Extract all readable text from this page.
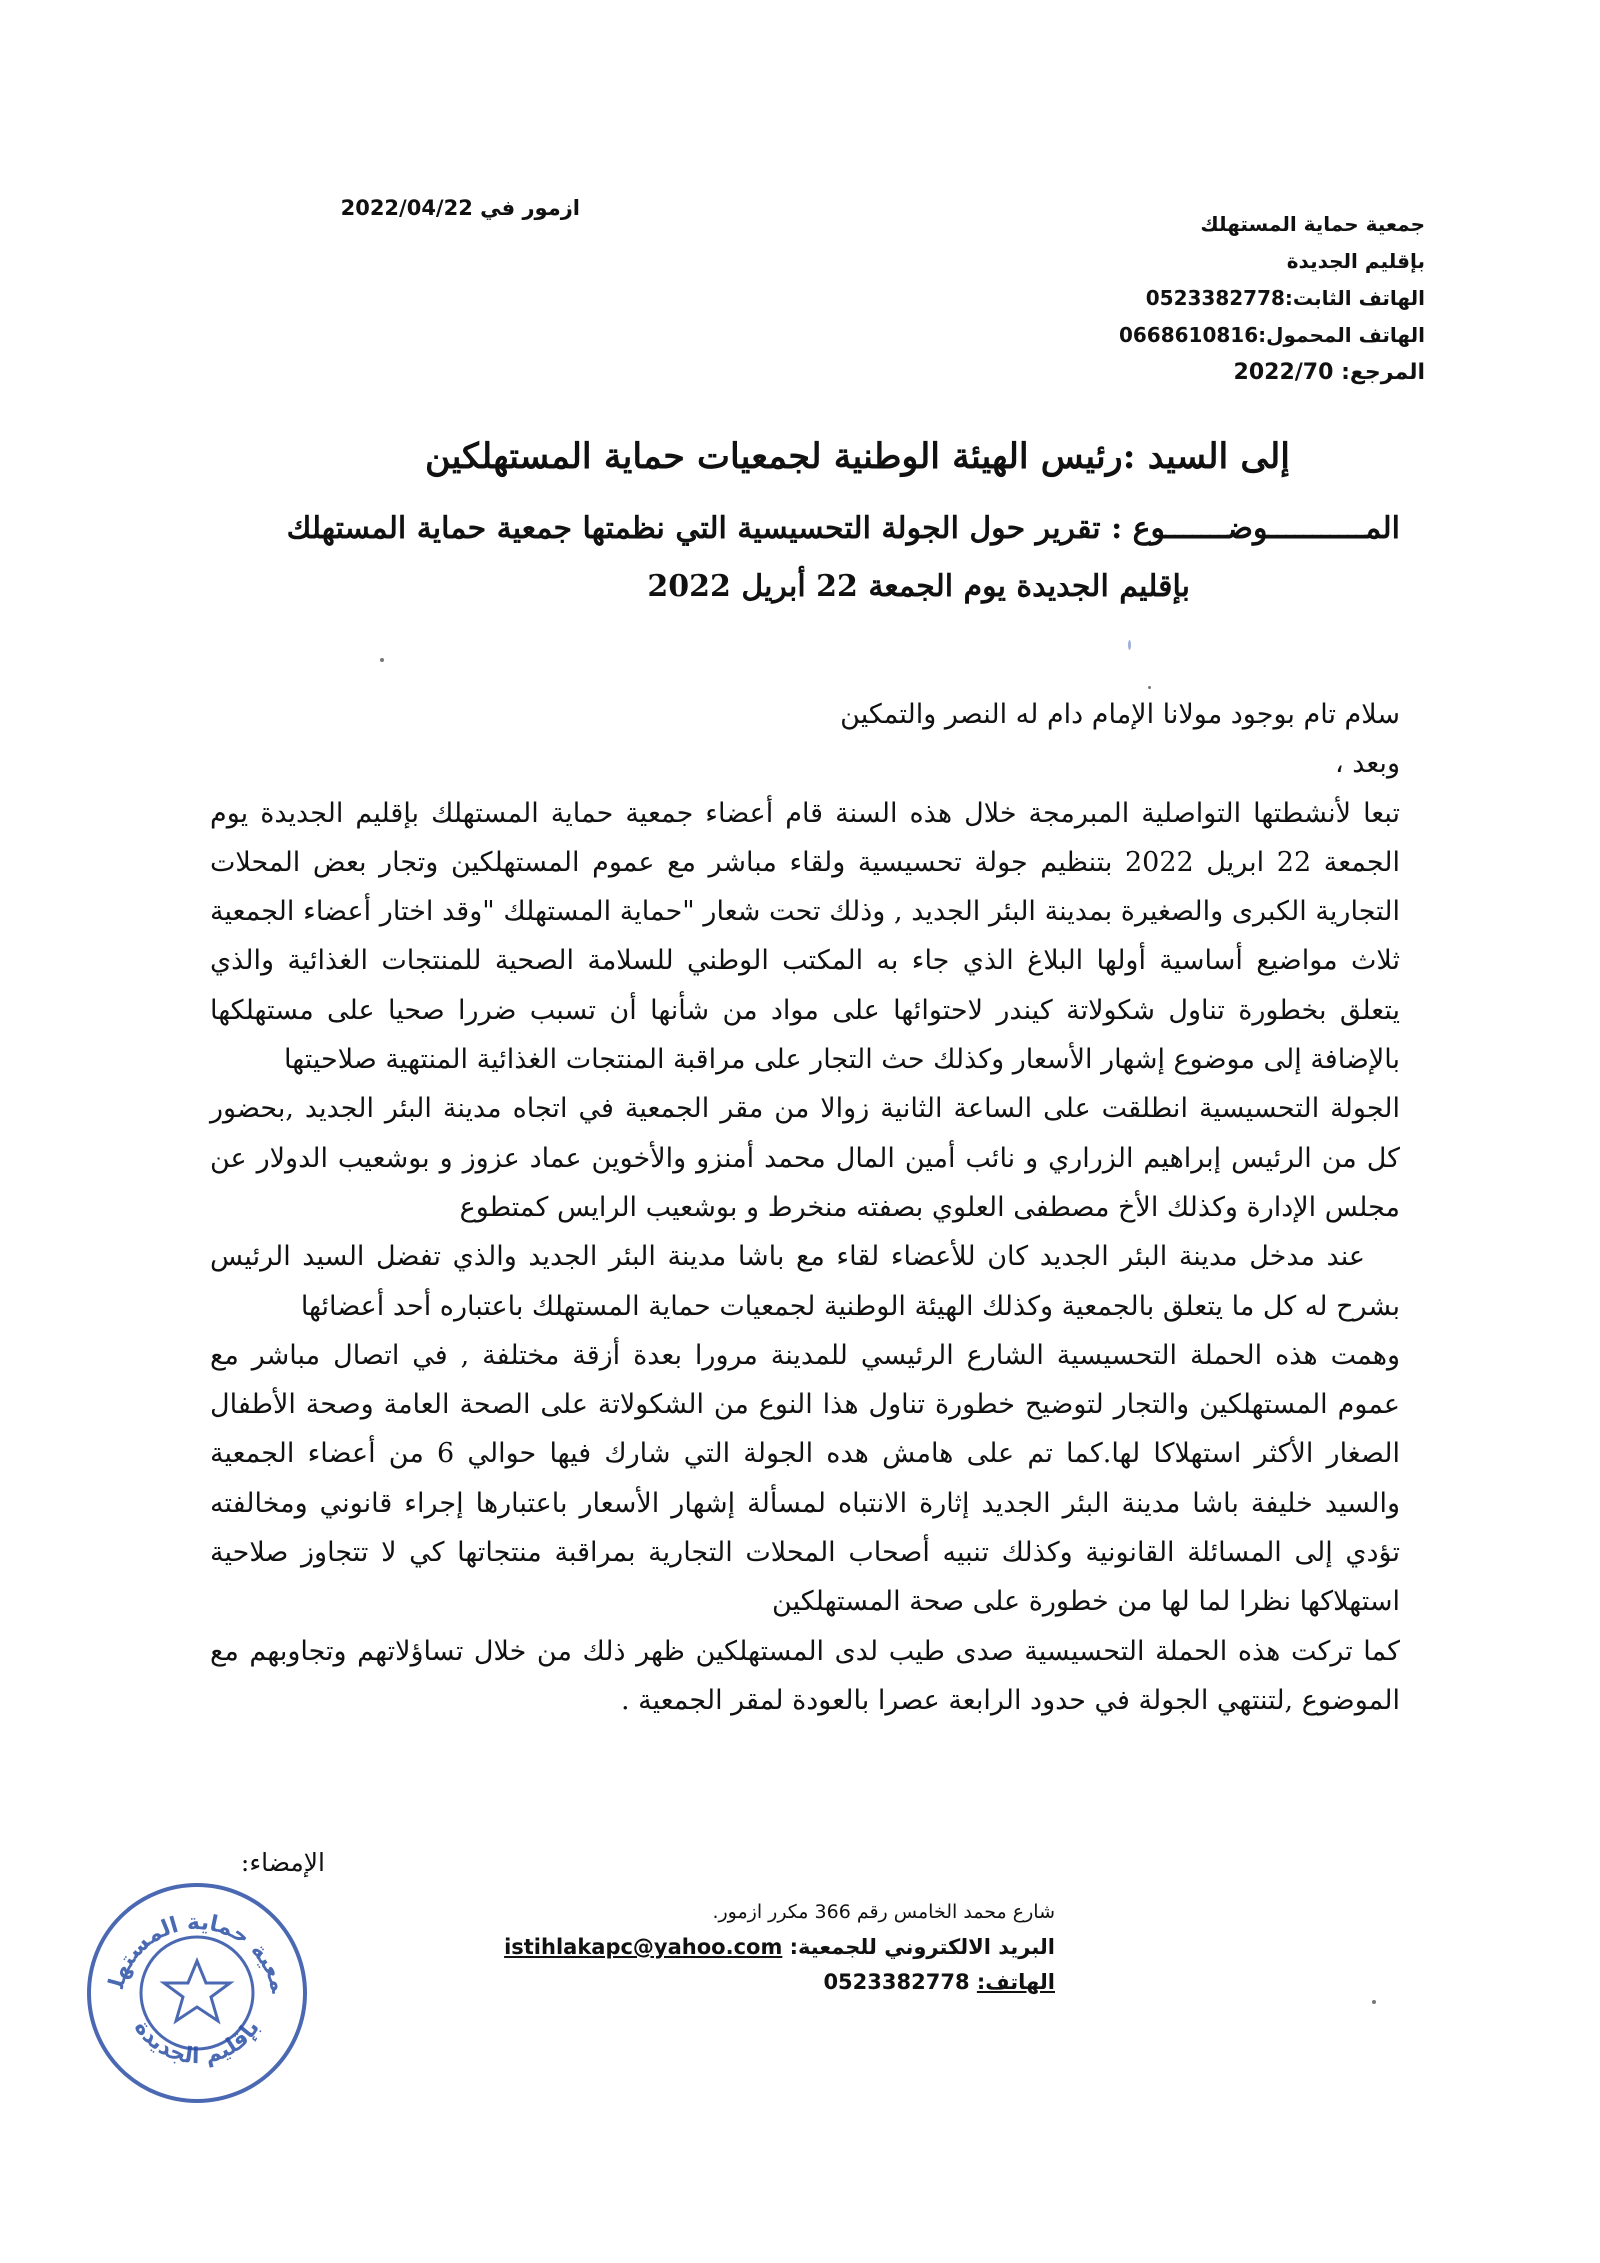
ازمور في 2022/04/22
جمعية حماية المستهلك
بإقليم الجديدة
الهاتف الثابت:0523382778
الهاتف المحمول:0668610816
المرجع: 2022/70
إلى السيد :رئيس الهيئة الوطنية لجمعيات حماية المستهلكين
المـــــــــــوضـــــــوع : تقرير حول الجولة التحسيسية التي نظمتها جمعية حماية المستهلك
بإقليم الجديدة يوم الجمعة 22 أبريل 2022

سلام تام بوجود مولانا الإمام دام له النصر والتمكين

وبعد ،

تبعا لأنشطتها التواصلية المبرمجة خلال هذه السنة قام أعضاء جمعية حماية المستهلك بإقليم الجديدة يوم الجمعة 22 ابريل 2022 بتنظيم جولة تحسيسية ولقاء مباشر مع عموم المستهلكين وتجار بعض المحلات التجارية الكبرى والصغيرة بمدينة البئر الجديد , وذلك تحت شعار "حماية المستهلك "وقد اختار أعضاء الجمعية ثلاث مواضيع أساسية أولها البلاغ الذي جاء به المكتب الوطني للسلامة الصحية للمنتجات الغذائية والذي يتعلق بخطورة تناول شكولاتة كيندر لاحتوائها على مواد من شأنها أن تسبب ضررا صحيا على مستهلكها بالإضافة إلى موضوع إشهار الأسعار وكذلك حث التجار على مراقبة المنتجات الغذائية المنتهية صلاحيتها

الجولة التحسيسية انطلقت على الساعة الثانية زوالا من مقر الجمعية في اتجاه مدينة البئر الجديد ,بحضور كل من الرئيس إبراهيم الزراري و نائب أمين المال محمد أمنزو والأخوين عماد عزوز و بوشعيب الدولار عن مجلس الإدارة وكذلك الأخ مصطفى العلوي بصفته منخرط و بوشعيب الرايس كمتطوع

عند مدخل مدينة البئر الجديد كان للأعضاء لقاء مع باشا مدينة البئر الجديد والذي تفضل السيد الرئيس بشرح له كل ما يتعلق بالجمعية وكذلك الهيئة الوطنية لجمعيات حماية المستهلك باعتباره أحد أعضائها

وهمت هذه الحملة التحسيسية الشارع الرئيسي للمدينة مرورا بعدة أزقة مختلفة , في اتصال مباشر مع عموم المستهلكين والتجار لتوضيح خطورة تناول هذا النوع من الشكولاتة على الصحة العامة وصحة الأطفال الصغار الأكثر استهلاكا لها.كما تم على هامش هده الجولة التي شارك فيها حوالي 6 من أعضاء الجمعية والسيد خليفة باشا مدينة البئر الجديد إثارة الانتباه لمسألة إشهار الأسعار باعتبارها إجراء قانوني ومخالفته تؤدي إلى المسائلة القانونية وكذلك تنبيه أصحاب المحلات التجارية بمراقبة منتجاتها كي لا تتجاوز صلاحية استهلاكها نظرا لما لها من خطورة على صحة المستهلكين

كما تركت هذه الحملة التحسيسية صدى طيب لدى المستهلكين ظهر ذلك من خلال تساؤلاتهم وتجاوبهم مع الموضوع ,لتنتهي الجولة في حدود الرابعة عصرا بالعودة لمقر الجمعية .

الإمضاء:
شارع محمد الخامس رقم 366 مكرر ازمور.
البريد الالكتروني للجمعية: istihlakapc@yahoo.com
الهاتف: 0523382778
معية حماية المستهل
بإقليم الجديدة
